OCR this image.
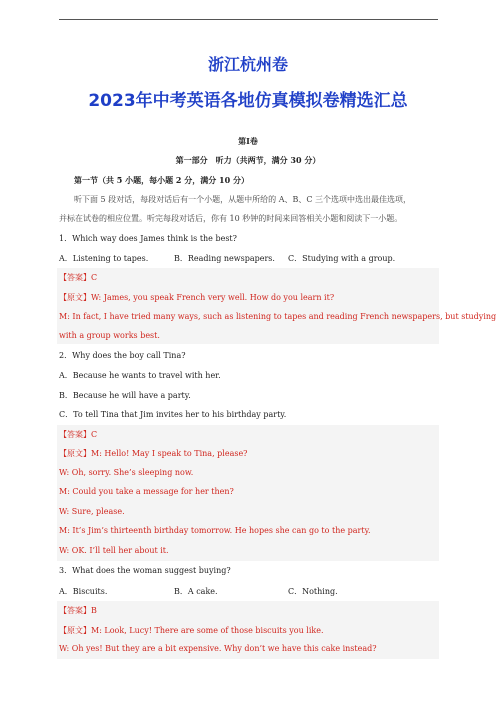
浙江杭州卷
2023年中考英语各地仿真模拟卷精选汇总
第I卷
第一部分　听力（共两节，满分 30 分）
第一节（共 5 小题，每小题 2 分，满分 10 分）
听下面 5 段对话，每段对话后有一个小题，从题中所给的 A、B、C 三个选项中选出最佳选项，
并标在试卷的相应位置。听完每段对话后，你有 10 秒钟的时间来回答相关小题和阅读下一小题。
1．Which way does James think is the best?
A．Listening to tapes.	B．Reading newspapers. C．Studying with a group.
【答案】C
【原文】W: James, you speak French very well. How do you learn it?
M: In fact, I have tried many ways, such as listening to tapes and reading French newspapers, but studying
with a group works best.
2．Why does the boy call Tina?
A．Because he wants to travel with her.
B．Because he will have a party.
C．To tell Tina that Jim invites her to his birthday party.
【答案】C
【原文】M: Hello! May I speak to Tina, please?
W: Oh, sorry. She’s sleeping now.
M: Could you take a message for her then?
W: Sure, please.
M: It’s Jim’s thirteenth birthday tomorrow. He hopes she can go to the party.
W: OK. I’ll tell her about it.
3．What does the woman suggest buying?
A．Biscuits.	B．A cake.	C．Nothing.
【答案】B
【原文】M: Look, Lucy! There are some of those biscuits you like.
W: Oh yes! But they are a bit expensive. Why don’t we have this cake instead?
